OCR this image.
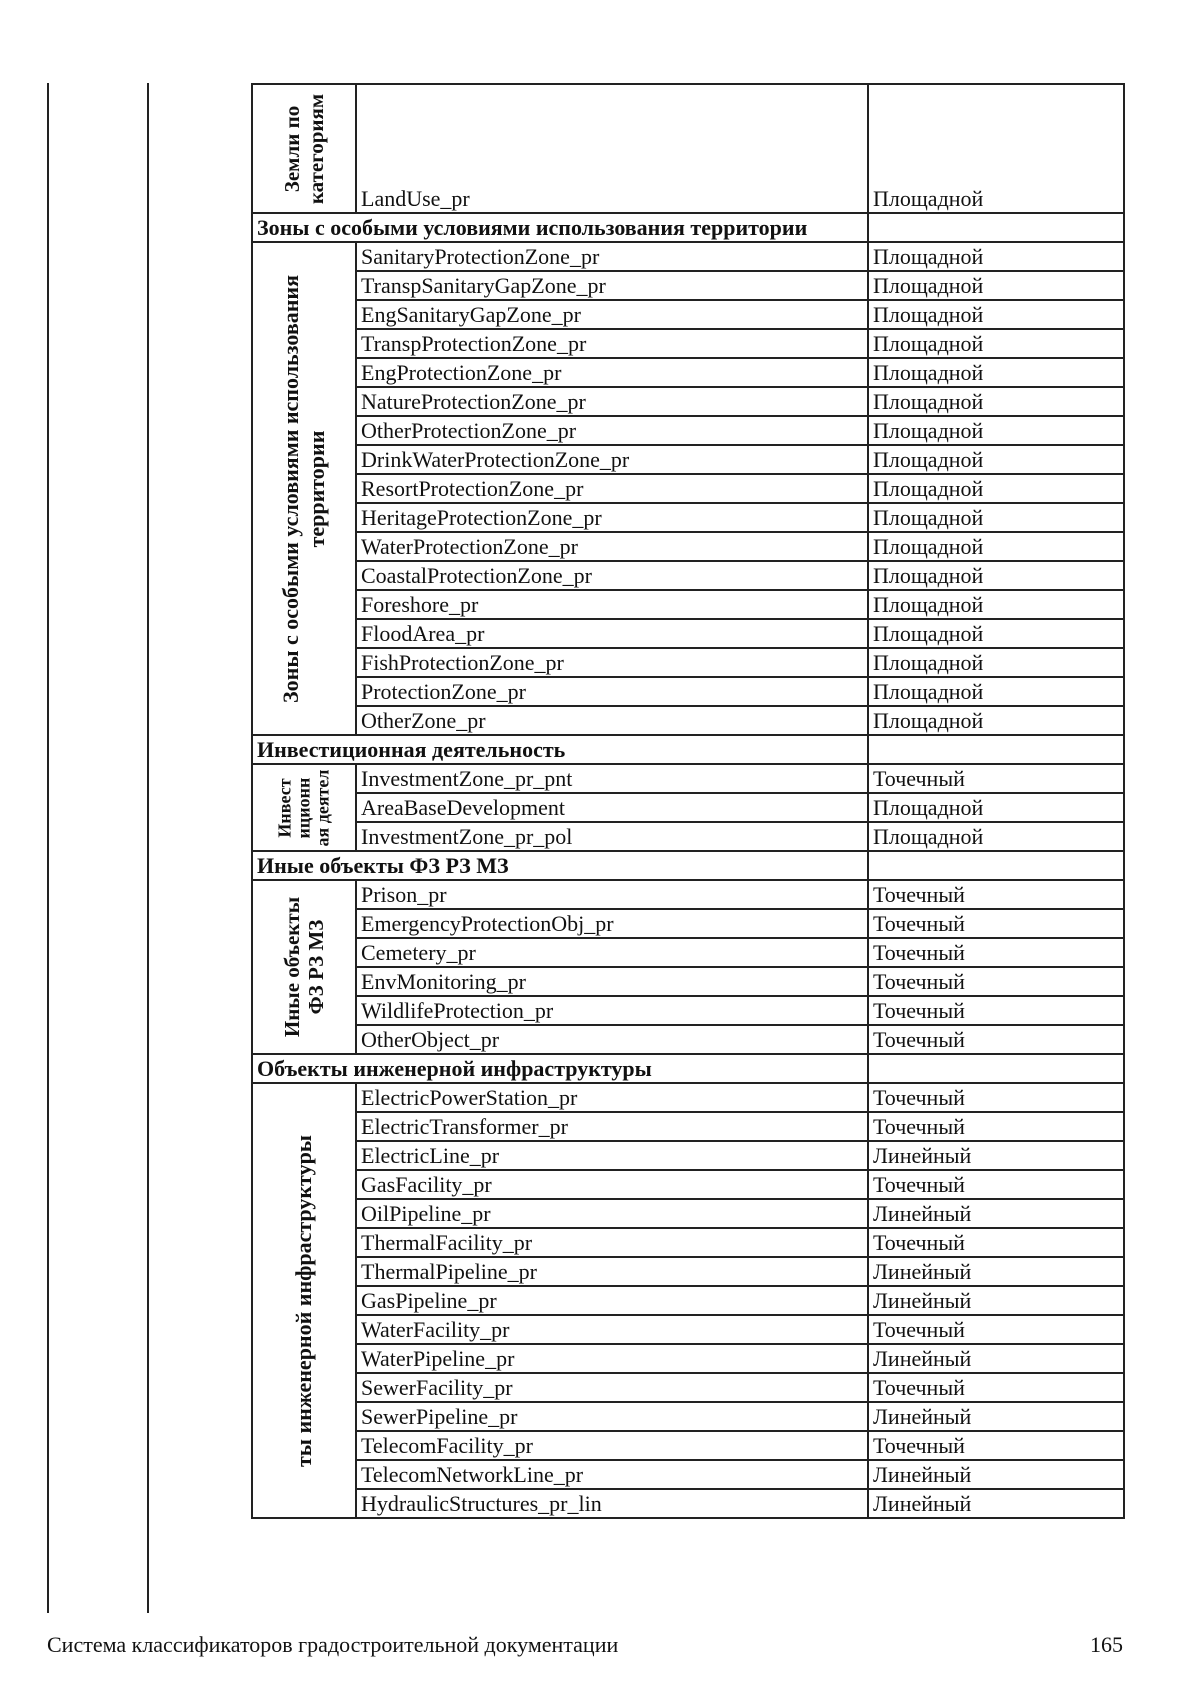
Земли по категориям	LandUse_pr	Площадной
Зоны с особыми условиями использования территории		

Зоны с особыми условиями использования территории	SanitaryProtectionZone_pr	Площадной
	TranspSanitaryGapZone_pr	Площадной
	EngSanitaryGapZone_pr	Площадной
	TranspProtectionZone_pr	Площадной
	EngProtectionZone_pr	Площадной
	NatureProtectionZone_pr	Площадной
	OtherProtectionZone_pr	Площадной
	DrinkWaterProtectionZone_pr	Площадной
	ResortProtectionZone_pr	Площадной
	HeritageProtectionZone_pr	Площадной
	WaterProtectionZone_pr	Площадной
	CoastalProtectionZone_pr	Площадной
	Foreshore_pr	Площадной
	FloodArea_pr	Площадной
	FishProtectionZone_pr	Площадной
	ProtectionZone_pr	Площадной
	OtherZone_pr	Площадной
Инвестиционная деятельность		

Инвест иционн ая деятел	InvestmentZone_pr_pnt	Точечный
	AreaBaseDevelopment	Площадной
	InvestmentZone_pr_pol	Площадной
Иные объекты ФЗ РЗ МЗ		

Иные объекты ФЗ РЗ МЗ	Prison_pr	Точечный
	EmergencyProtectionObj_pr	Точечный
	Cemetery_pr	Точечный
	EnvMonitoring_pr	Точечный
	WildlifeProtection_pr	Точечный
	OtherObject_pr	Точечный
Объекты инженерной инфраструктуры		

ты инженерной инфраструктуры	ElectricPowerStation_pr	Точечный
	ElectricTransformer_pr	Точечный
	ElectricLine_pr	Линейный
	GasFacility_pr	Точечный
	OilPipeline_pr	Линейный
	ThermalFacility_pr	Точечный
	ThermalPipeline_pr	Линейный
	GasPipeline_pr	Линейный
	WaterFacility_pr	Точечный
	WaterPipeline_pr	Линейный
	SewerFacility_pr	Точечный
	SewerPipeline_pr	Линейный
	TelecomFacility_pr	Точечный
	TelecomNetworkLine_pr	Линейный
	HydraulicStructures_pr_lin	Линейный
Система классификаторов градостроительной документации	165
